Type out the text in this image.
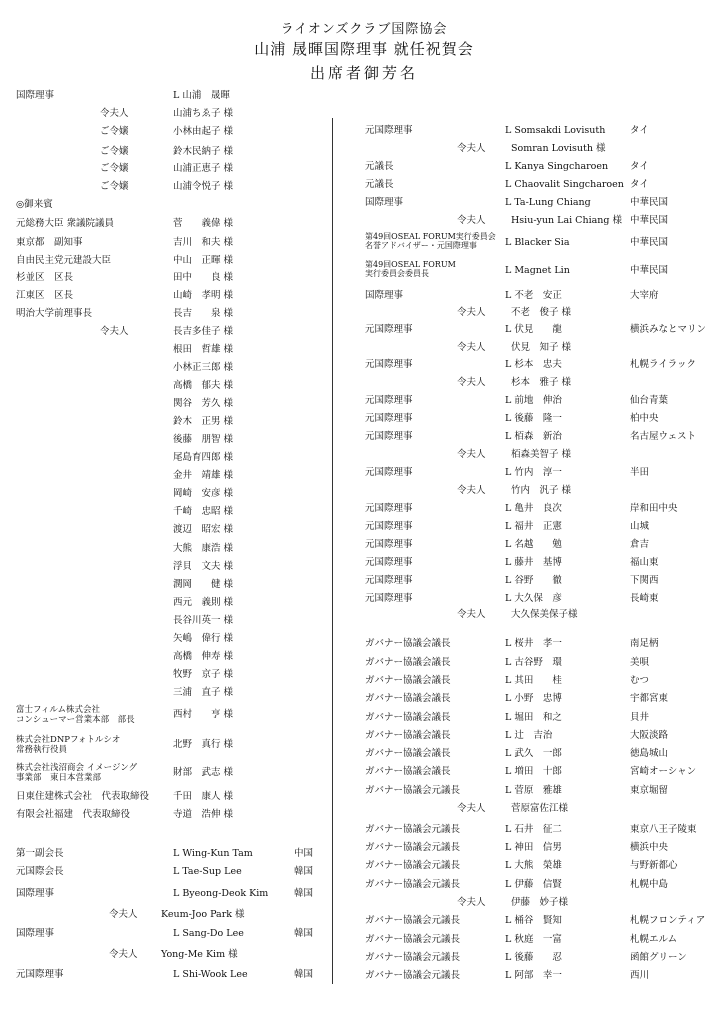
ライオンズクラブ国際協会
山浦 晟暉国際理事 就任祝賀会
出席者御芳名
国際理事	L 山浦　晟暉
令夫人	山浦ちゑ子 様
ご令嬢	小林由起子 様
ご令嬢	鈴木民納子 様
ご令嬢	山浦正恵子 様
ご令嬢	山浦令悦子 様
◎御来賓
元総務大臣 衆議院議員	菅　　義偉 様
東京都　副知事	吉川　和夫 様
自由民主党元建設大臣	中山　正暉 様
杉並区　区長	田中　　良 様
江東区　区長	山崎　孝明 様
明治大学前理事長	長吉　　泉 様
令夫人	長吉多佳子 様
根田　哲雄 様
小林正三郎 様
高橋　郁夫 様
関谷　芳久 様
鈴木　正男 様
後藤　朋智 様
尾島育四郎 様
金井　靖雄 様
岡崎　安彦 様
千崎　忠昭 様
渡辺　昭宏 様
大熊　康浩 様
浮貝　文夫 様
潤岡　　健 様
西元　義則 様
長谷川英一 様
矢嶋　偉行 様
高橋　伸寿 様
牧野　京子 様
三浦　直子 様
富士フィルム株式会社
コンシューマー営業本部　部長	西村　　亨 様
株式会社DNPフォトルシオ
常務執行役員	北野　真行 様
株式会社浅沼商会 イメージング
事業部　東日本営業部	財部　武志 様
日東住建株式会社　代表取締役	千田　康人 様
有限会社福建　代表取締役	寺道　浩伸 様
第一副会長	L Wing-Kun Tam	中国
元国際会長	L Tae-Sup Lee	韓国
国際理事	L Byeong-Deok Kim	韓国
令夫人 Keum-Joo Park 様
国際理事	L Sang-Do Lee	韓国
令夫人 Yong-Me Kim 様
元国際理事	L Shi-Wook Lee	韓国
元国際理事	L Somsakdi Lovisuth	タイ
令夫人	Somran Lovisuth 様
元議長	L Kanya Singcharoen タイ
元議長	L Chaovalit Singcharoen タイ
国際理事	L Ta-Lung Chiang	中華民国
令夫人	Hsiu-yun Lai Chiang 様 中華民国
第49回OSEAL FORUM実行委員会
名誉アドバイザー・元国際理事	L Blacker Sia	中華民国
第49回OSEAL FORUM
実行委員会委員長	L Magnet Lin	中華民国
国際理事	L 不老　安正	大宰府
令夫人	不老　俊子 様
元国際理事	L 伏見　　龍	横浜みなとマリン
令夫人	伏見　知子 様
元国際理事	L 杉本　忠夫	札幌ライラック
令夫人	杉本　雅子 様
元国際理事	L 前地　伸治	仙台青葉
元国際理事	L 後藤　隆一	柏中央
元国際理事	L 栢森　新治	名古屋ウェスト
令夫人	栢森美智子 様
元国際理事	L 竹内　淳一	半田
令夫人	竹内　汎子 様
元国際理事	L 亀井　良次	岸和田中央
元国際理事	L 福井　正憲	山城
元国際理事	L 名越　　勉	倉吉
元国際理事	L 藤井　基博	福山東
元国際理事	L 谷野　　徹	下関西
元国際理事	L 大久保　彦	長崎東
令夫人	大久保美保子様
ガバナー協議会議長	L 桜井　孝一	南足柄
ガバナー協議会議長	L 古谷野　環	美唄
ガバナー協議会議長	L 其田　　桂	むつ
ガバナー協議会議長	L 小野　忠博	宇都宮東
ガバナー協議会議長	L 堀田　和之	貝井
ガバナー協議会議長	L 辻　吉治	大阪淡路
ガバナー協議会議長	L 武久　一郎	徳島城山
ガバナー協議会議長	L 増田　十郎	宮崎オーシャン
ガバナー協議会元議長	L 菅原　雅雄	東京堀留
令夫人	菅原富佐江様
ガバナー協議会元議長	L 石井　征二	東京八王子陵東
ガバナー協議会元議長	L 神田　信男	横浜中央
ガバナー協議会元議長	L 大熊　榮雄	与野新都心
ガバナー協議会元議長	L 伊藤　信賢	札幌中島
令夫人	伊藤　妙子様
ガバナー協議会元議長	L 桶谷　賢知	札幌フロンティア
ガバナー協議会元議長	L 秋庭　一富	札幌エルム
ガバナー協議会元議長	L 後藤　　忍	函館グリーン
ガバナー協議会元議長	L 阿部　幸一	西川
